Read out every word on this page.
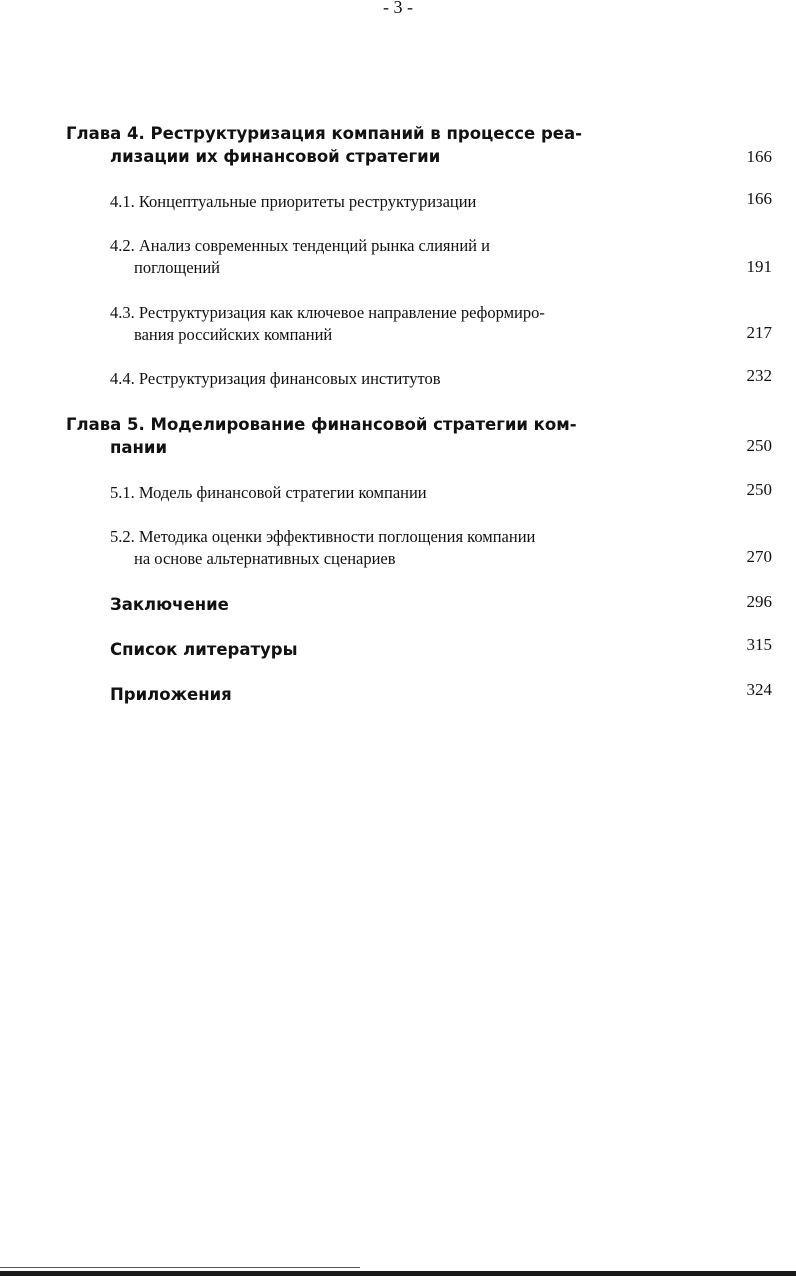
- 3 -
Глава 4. Реструктуризация компаний в процессе реа-
лизации их финансовой стратегии	166
4.1. Концептуальные приоритеты реструктуризации	166
4.2. Анализ современных тенденций рынка слияний и
поглощений	191
4.3. Реструктуризация как ключевое направление реформиро-
вания российских компаний	217
4.4. Реструктуризация финансовых институтов	232
Глава 5. Моделирование финансовой стратегии ком-
пании	250
5.1. Модель финансовой стратегии компании	250
5.2. Методика оценки эффективности поглощения компании
на основе альтернативных сценариев	270
Заключение	296
Список литературы	315
Приложения	324
